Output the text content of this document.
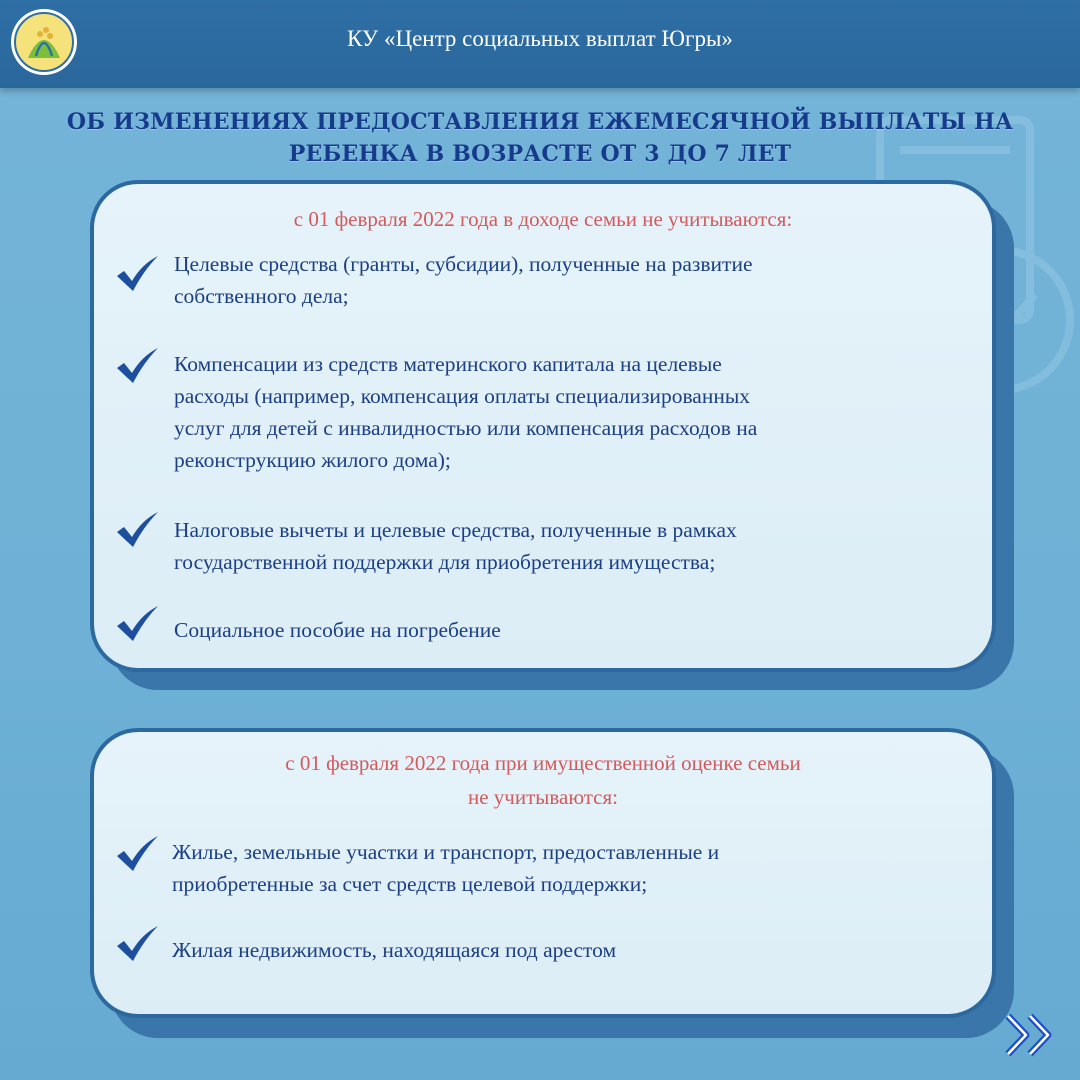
КУ «Центр социальных выплат Югры»
ОБ ИЗМЕНЕНИЯХ ПРЕДОСТАВЛЕНИЯ ЕЖЕМЕСЯЧНОЙ ВЫПЛАТЫ НА
РЕБЕНКА В ВОЗРАСТЕ ОТ 3 ДО 7 ЛЕТ
с 01 февраля 2022 года в доходе семьи не учитываются:
Целевые средства (гранты, субсидии), полученные на развитие
собственного дела;
Компенсации из средств материнского капитала на целевые
расходы (например, компенсация оплаты специализированных
услуг для детей с инвалидностью или компенсация расходов на
реконструкцию жилого дома);
Налоговые вычеты и целевые средства, полученные в рамках
государственной поддержки для приобретения имущества;
Социальное пособие на погребение
с 01 февраля 2022 года при имущественной оценке семьи
не учитываются:
Жилье, земельные участки и транспорт, предоставленные и
приобретенные за счет средств целевой поддержки;
Жилая недвижимость, находящаяся под арестом
